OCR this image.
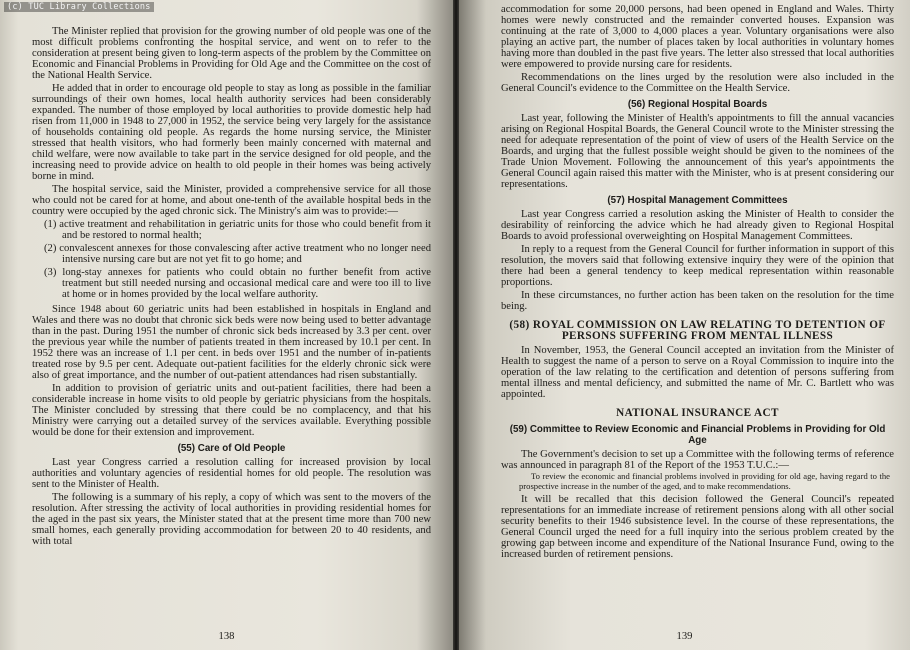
(c) TUC Library Collections

The Minister replied that provision for the growing number of old people was one of the most difficult problems confronting the hospital service, and went on to refer to the consideration at present being given to long-term aspects of the problem by the Committee on Economic and Financial Problems in Providing for Old Age and the Committee on the cost of the National Health Service.

He added that in order to encourage old people to stay as long as possible in the familiar surroundings of their own homes, local health authority services had been considerably expanded. The number of those employed by local authorities to provide domestic help had risen from 11,000 in 1948 to 27,000 in 1952, the service being very largely for the assistance of households containing old people. As regards the home nursing service, the Minister stressed that health visitors, who had formerly been mainly concerned with maternal and child welfare, were now available to take part in the service designed for old people, and the increasing need to provide advice on health to old people in their homes was being actively borne in mind.

The hospital service, said the Minister, provided a comprehensive service for all those who could not be cared for at home, and about one-tenth of the available hospital beds in the country were occupied by the aged chronic sick. The Ministry's aim was to provide:—

(1) active treatment and rehabilitation in geriatric units for those who could benefit from it and be restored to normal health;
(2) convalescent annexes for those convalescing after active treatment who no longer need intensive nursing care but are not yet fit to go home; and
(3) long-stay annexes for patients who could obtain no further benefit from active treatment but still needed nursing and occasional medical care and were too ill to live at home or in homes provided by the local welfare authority.

Since 1948 about 60 geriatric units had been established in hospitals in England and Wales and there was no doubt that chronic sick beds were now being used to better advantage than in the past. During 1951 the number of chronic sick beds increased by 3.3 per cent. over the previous year while the number of patients treated in them increased by 10.1 per cent. In 1952 there was an increase of 1.1 per cent. in beds over 1951 and the number of in-patients treated rose by 9.5 per cent. Adequate out-patient facilities for the elderly chronic sick were also of great importance, and the number of out-patient attendances had risen substantially.

In addition to provision of geriatric units and out-patient facilities, there had been a considerable increase in home visits to old people by geriatric physicians from the hospitals. The Minister concluded by stressing that there could be no complacency, and that his Ministry were carrying out a detailed survey of the services available. Everything possible would be done for their extension and improvement.

(55) Care of Old People

Last year Congress carried a resolution calling for increased provision by local authorities and voluntary agencies of residential homes for old people. The resolution was sent to the Minister of Health.

The following is a summary of his reply, a copy of which was sent to the movers of the resolution. After stressing the activity of local authorities in providing residential homes for the aged in the past six years, the Minister stated that at the present time more than 700 new small homes, each generally providing accommodation for between 20 to 40 residents, and with total

138

accommodation for some 20,000 persons, had been opened in England and Wales. Thirty homes were newly constructed and the remainder converted houses. Expansion was continuing at the rate of 3,000 to 4,000 places a year. Voluntary organisations were also playing an active part, the number of places taken by local authorities in voluntary homes having more than doubled in the past five years. The letter also stressed that local authorities were empowered to provide nursing care for residents.

Recommendations on the lines urged by the resolution were also included in the General Council's evidence to the Committee on the Health Service.

(56) Regional Hospital Boards

Last year, following the Minister of Health's appointments to fill the annual vacancies arising on Regional Hospital Boards, the General Council wrote to the Minister stressing the need for adequate representation of the point of view of users of the Health Service on the Boards, and urging that the fullest possible weight should be given to the nominees of the Trade Union Movement. Following the announcement of this year's appointments the General Council again raised this matter with the Minister, who is at present considering our representations.

(57) Hospital Management Committees

Last year Congress carried a resolution asking the Minister of Health to consider the desirability of reinforcing the advice which he had already given to Regional Hospital Boards to avoid professional overweighting on Hospital Management Committees.

In reply to a request from the General Council for further information in support of this resolution, the movers said that following extensive inquiry they were of the opinion that there had been a general tendency to keep medical representation within reasonable proportions.

In these circumstances, no further action has been taken on the resolution for the time being.

(58) ROYAL COMMISSION ON LAW RELATING TO DETENTION OF PERSONS SUFFERING FROM MENTAL ILLNESS

In November, 1953, the General Council accepted an invitation from the Minister of Health to suggest the name of a person to serve on a Royal Commission to inquire into the operation of the law relating to the certification and detention of persons suffering from mental illness and mental deficiency, and submitted the name of Mr. C. Bartlett who was appointed.

NATIONAL INSURANCE ACT
(59) Committee to Review Economic and Financial Problems in Providing for Old Age

The Government's decision to set up a Committee with the following terms of reference was announced in paragraph 81 of the Report of the 1953 T.U.C.:—

To review the economic and financial problems involved in providing for old age, having regard to the prospective increase in the number of the aged, and to make recommendations.

It will be recalled that this decision followed the General Council's repeated representations for an immediate increase of retirement pensions along with all other social security benefits to their 1946 subsistence level. In the course of these representations, the General Council urged the need for a full inquiry into the serious problem created by the growing gap between income and expenditure of the National Insurance Fund, owing to the increased burden of retirement pensions.

139
